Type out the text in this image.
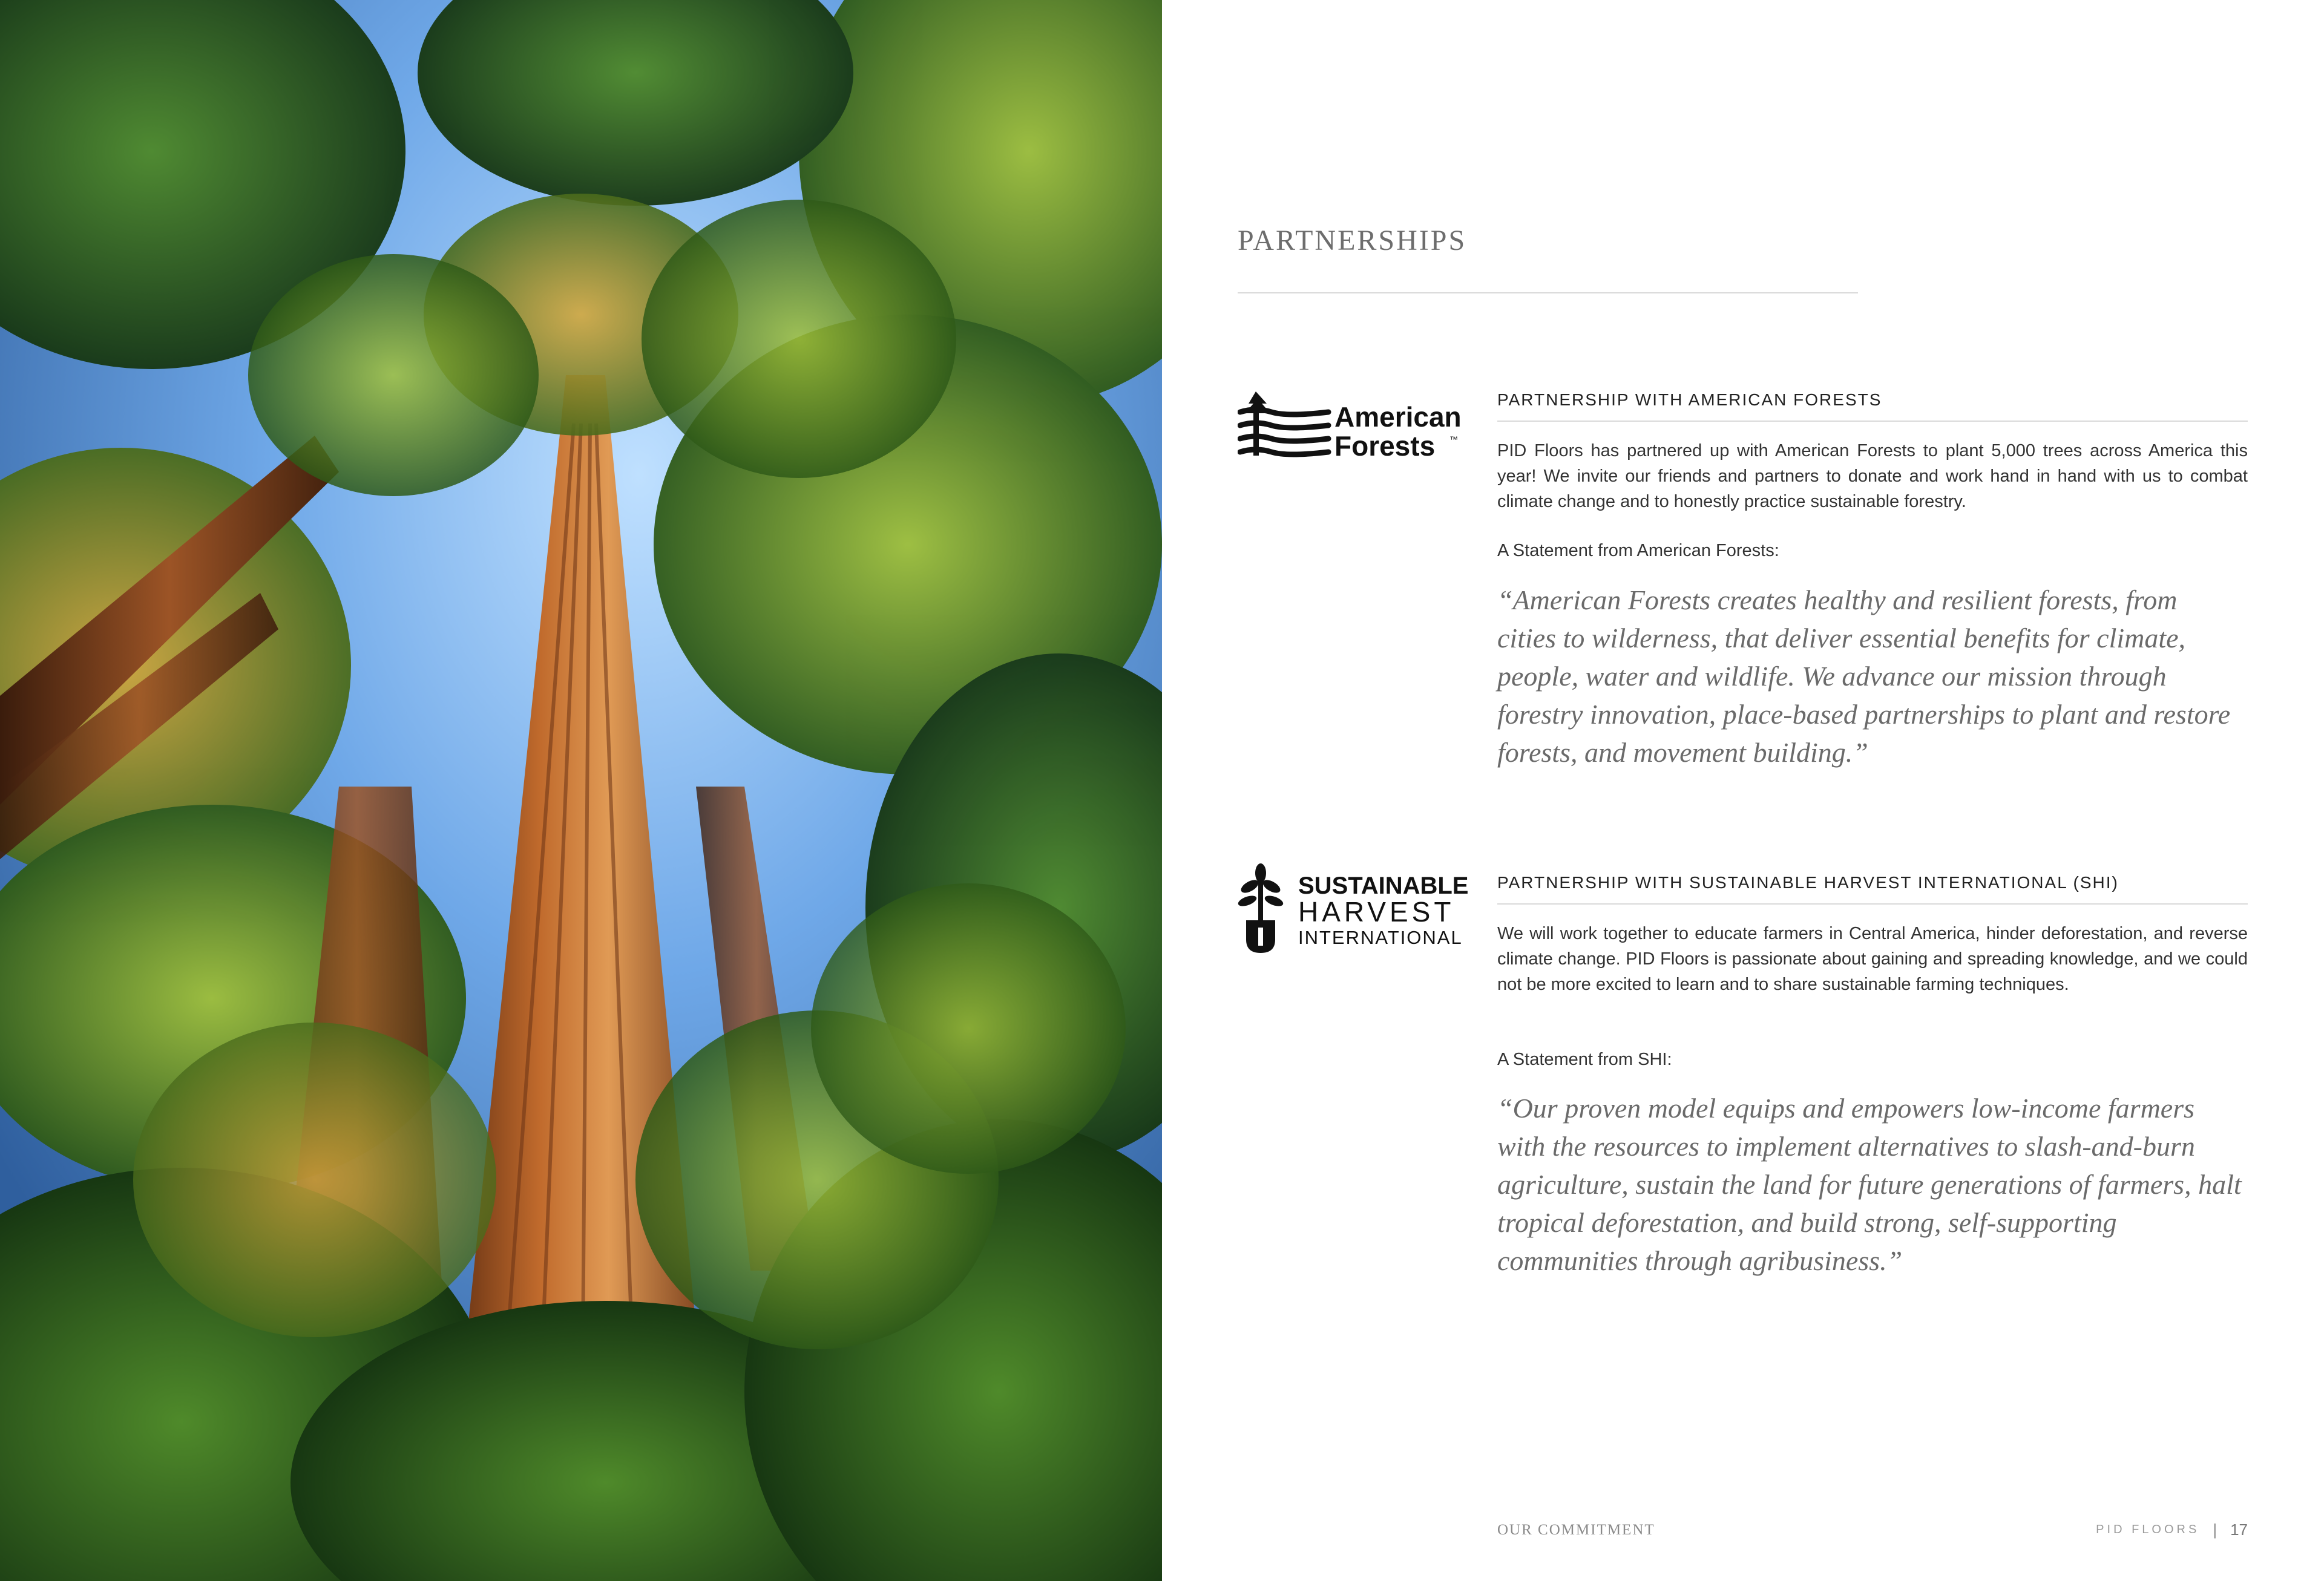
PARTNERSHIPS
American
Forests ™
PARTNERSHIP WITH AMERICAN FORESTS

PID Floors has partnered up with American Forests to plant 5,000 trees across America this year! We invite our friends and partners to donate and work hand in hand with us to combat climate change and to honestly practice sustainable forestry.

A Statement from American Forests:

“American Forests creates healthy and resilient forests, from cities to wilderness, that deliver essential benefits for climate, people, water and wildlife. We advance our mission through forestry innovation, place-based partnerships to plant and restore forests, and movement building.”

SUSTAINABLE
HARVEST
INTERNATIONAL
PARTNERSHIP WITH SUSTAINABLE HARVEST INTERNATIONAL (SHI)

We will work together to educate farmers in Central America, hinder deforestation, and reverse climate change. PID Floors is passionate about gaining and spreading knowledge, and we could not be more excited to learn and to share sustainable farming techniques.

A Statement from SHI:

“Our proven model equips and empowers low-income farmers with the resources to implement alternatives to slash-and-burn agriculture, sustain the land for future generations of farmers, halt tropical deforestation, and build strong, self-supporting communities through agribusiness.”

OUR COMMITMENT	PID FLOORS | 17
